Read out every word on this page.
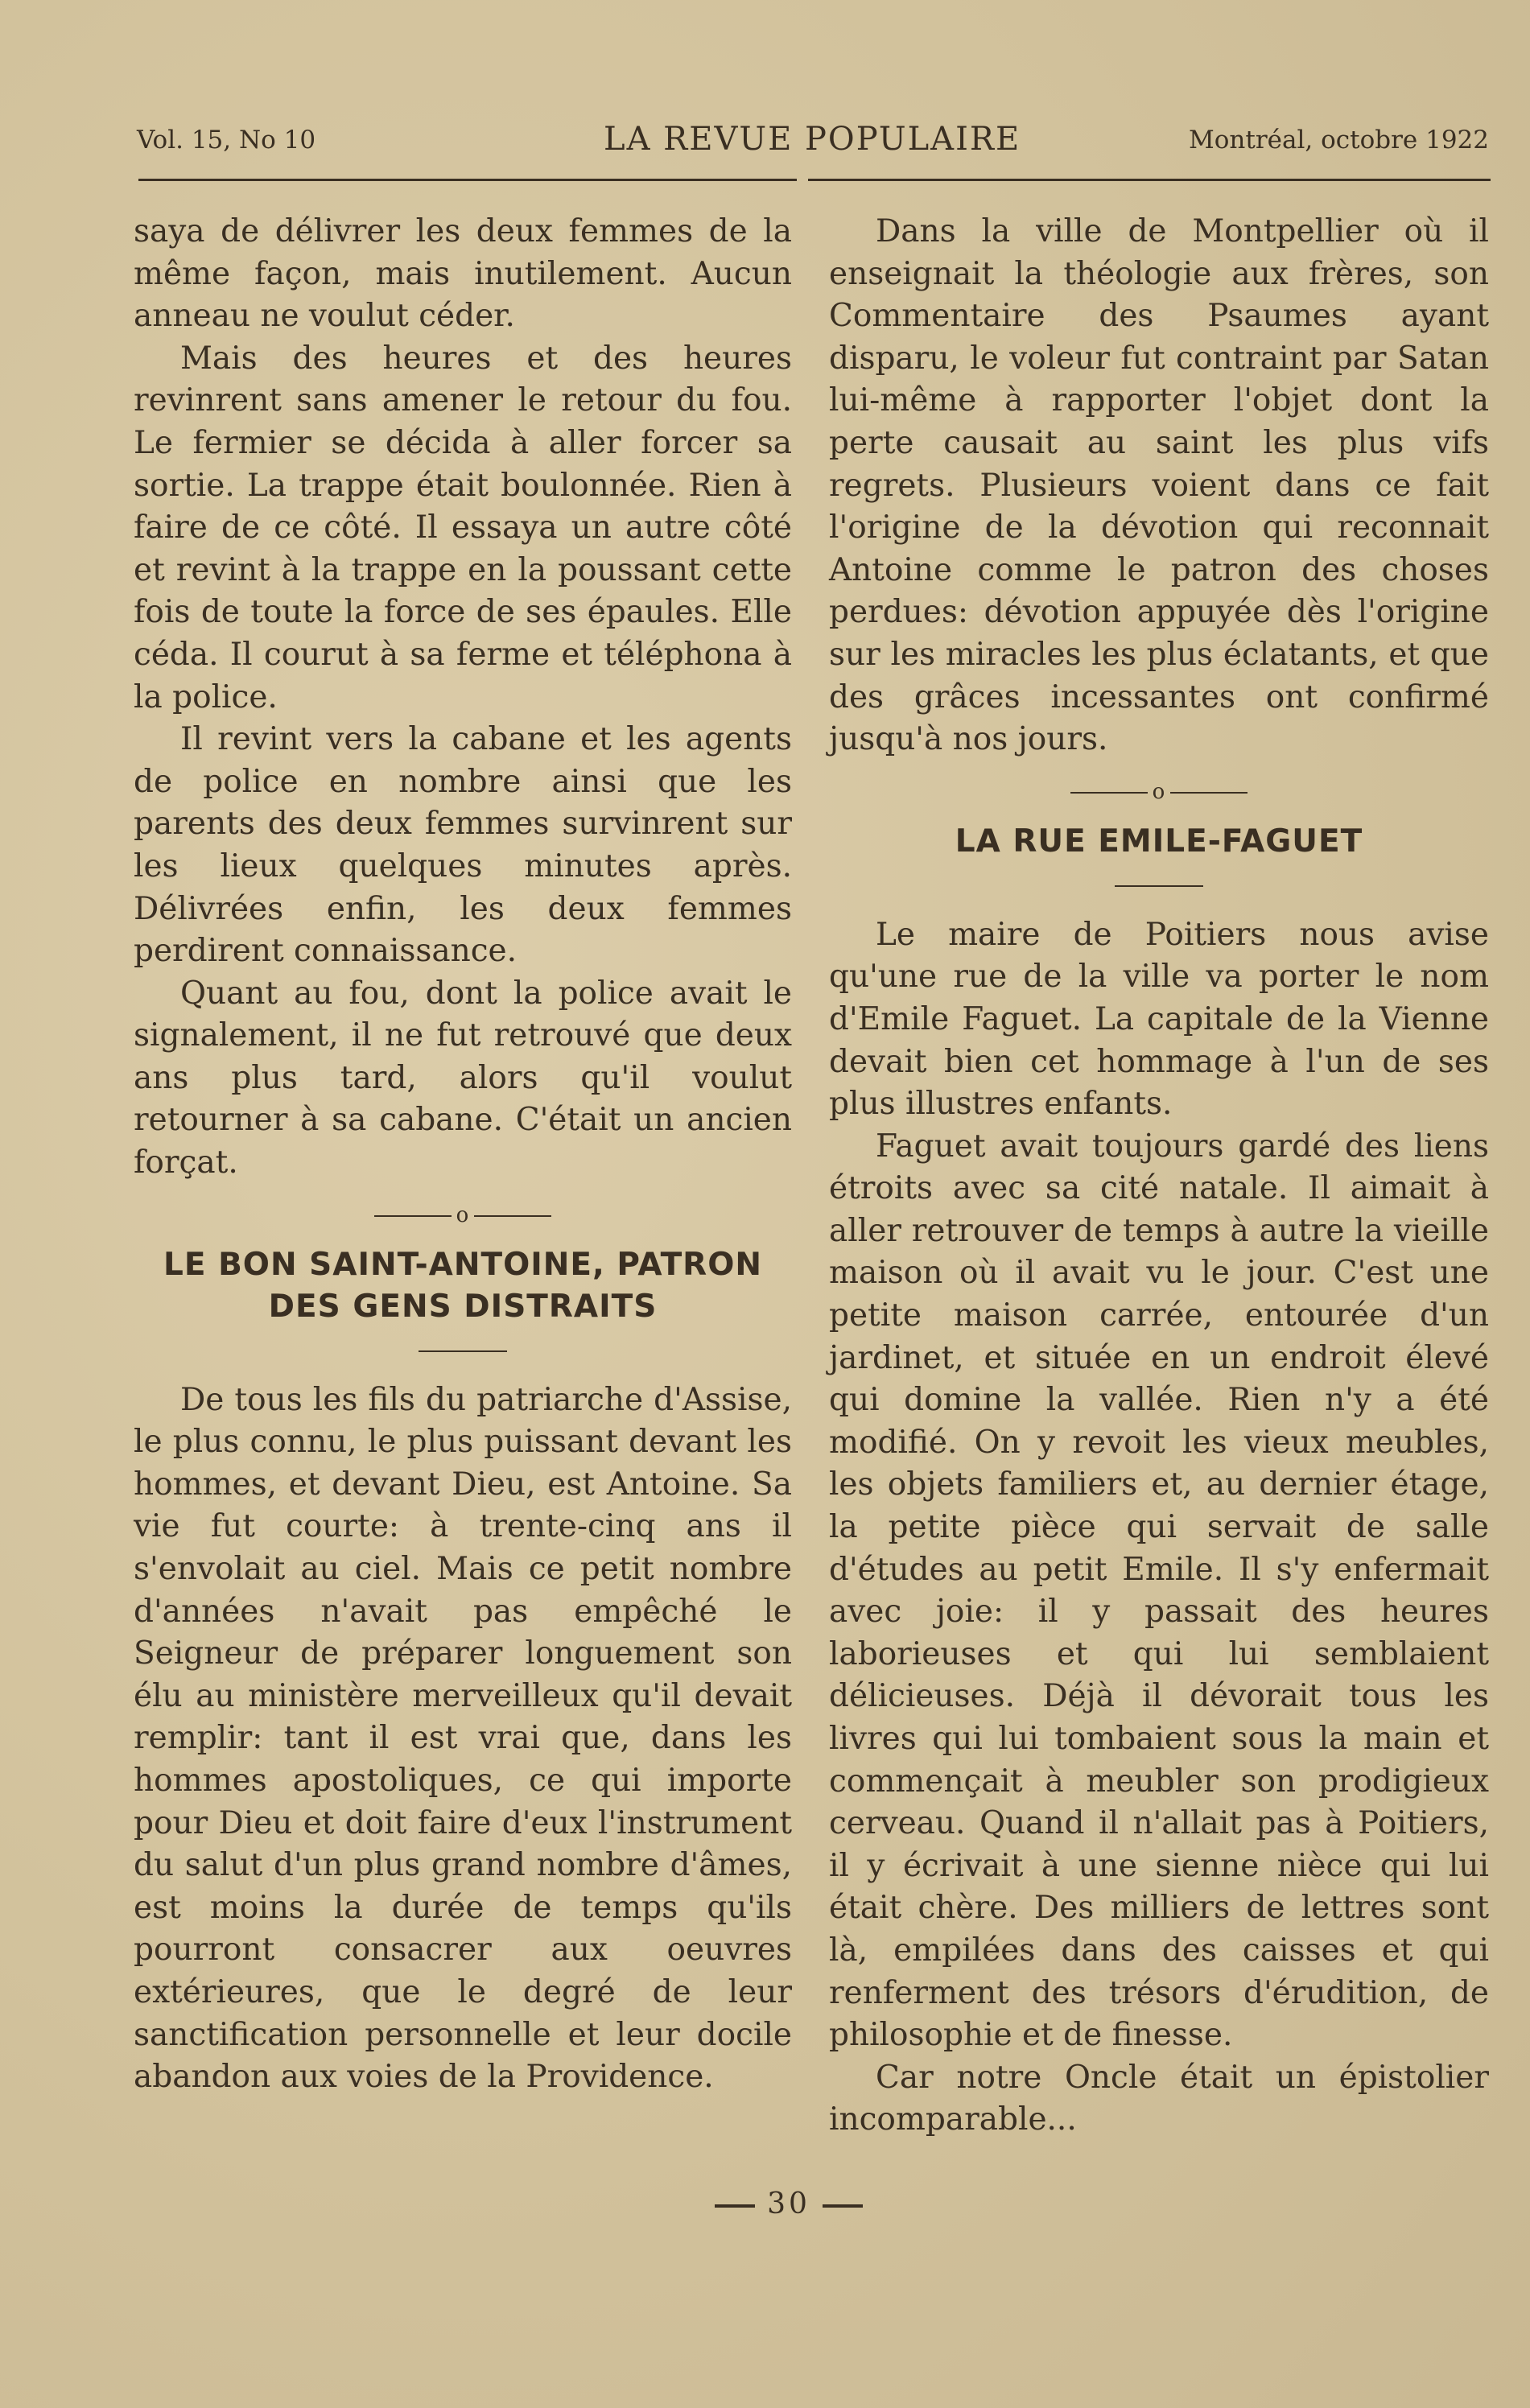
Vol. 15, No 10	LA REVUE POPULAIRE	Montréal, octobre 1922

saya de délivrer les deux femmes de la même façon, mais inutilement. Aucun anneau ne voulut céder.

Mais des heures et des heures revinrent sans amener le retour du fou. Le fermier se décida à aller forcer sa sortie. La trappe était boulonnée. Rien à faire de ce côté. Il essaya un autre côté et revint à la trappe en la poussant cette fois de toute la force de ses épaules. Elle céda. Il courut à sa ferme et téléphona à la police.

Il revint vers la cabane et les agents de police en nombre ainsi que les parents des deux femmes survinrent sur les lieux quelques minutes après. Délivrées enfin, les deux femmes perdirent connaissance.

Quant au fou, dont la police avait le signalement, il ne fut retrouvé que deux ans plus tard, alors qu'il voulut retourner à sa cabane. C'était un ancien forçat.

o
LE BON SAINT-ANTOINE, PATRON DES GENS DISTRAITS

De tous les fils du patriarche d'Assise, le plus connu, le plus puissant devant les hommes, et devant Dieu, est Antoine. Sa vie fut courte: à trente-cinq ans il s'envolait au ciel. Mais ce petit nombre d'années n'avait pas empêché le Seigneur de préparer longuement son élu au ministère merveilleux qu'il devait remplir: tant il est vrai que, dans les hommes apostoliques, ce qui importe pour Dieu et doit faire d'eux l'instrument du salut d'un plus grand nombre d'âmes, est moins la durée de temps qu'ils pourront consacrer aux oeuvres extérieures, que le degré de leur sanctification personnelle et leur docile abandon aux voies de la Providence.

Dans la ville de Montpellier où il enseignait la théologie aux frères, son Commentaire des Psaumes ayant disparu, le voleur fut contraint par Satan lui-même à rapporter l'objet dont la perte causait au saint les plus vifs regrets. Plusieurs voient dans ce fait l'origine de la dévotion qui reconnait Antoine comme le patron des choses perdues: dévotion appuyée dès l'origine sur les miracles les plus éclatants, et que des grâces incessantes ont confirmé jusqu'à nos jours.

o
LA RUE EMILE-FAGUET

Le maire de Poitiers nous avise qu'une rue de la ville va porter le nom d'Emile Faguet. La capitale de la Vienne devait bien cet hommage à l'un de ses plus illustres enfants.

Faguet avait toujours gardé des liens étroits avec sa cité natale. Il aimait à aller retrouver de temps à autre la vieille maison où il avait vu le jour. C'est une petite maison carrée, entourée d'un jardinet, et située en un endroit élevé qui domine la vallée. Rien n'y a été modifié. On y revoit les vieux meubles, les objets familiers et, au dernier étage, la petite pièce qui servait de salle d'études au petit Emile. Il s'y enfermait avec joie: il y passait des heures laborieuses et qui lui semblaient délicieuses. Déjà il dévorait tous les livres qui lui tombaient sous la main et commençait à meubler son prodigieux cerveau. Quand il n'allait pas à Poitiers, il y écrivait à une sienne nièce qui lui était chère. Des milliers de lettres sont là, empilées dans des caisses et qui renferment des trésors d'érudition, de philosophie et de finesse.

Car notre Oncle était un épistolier incomparable...

30
